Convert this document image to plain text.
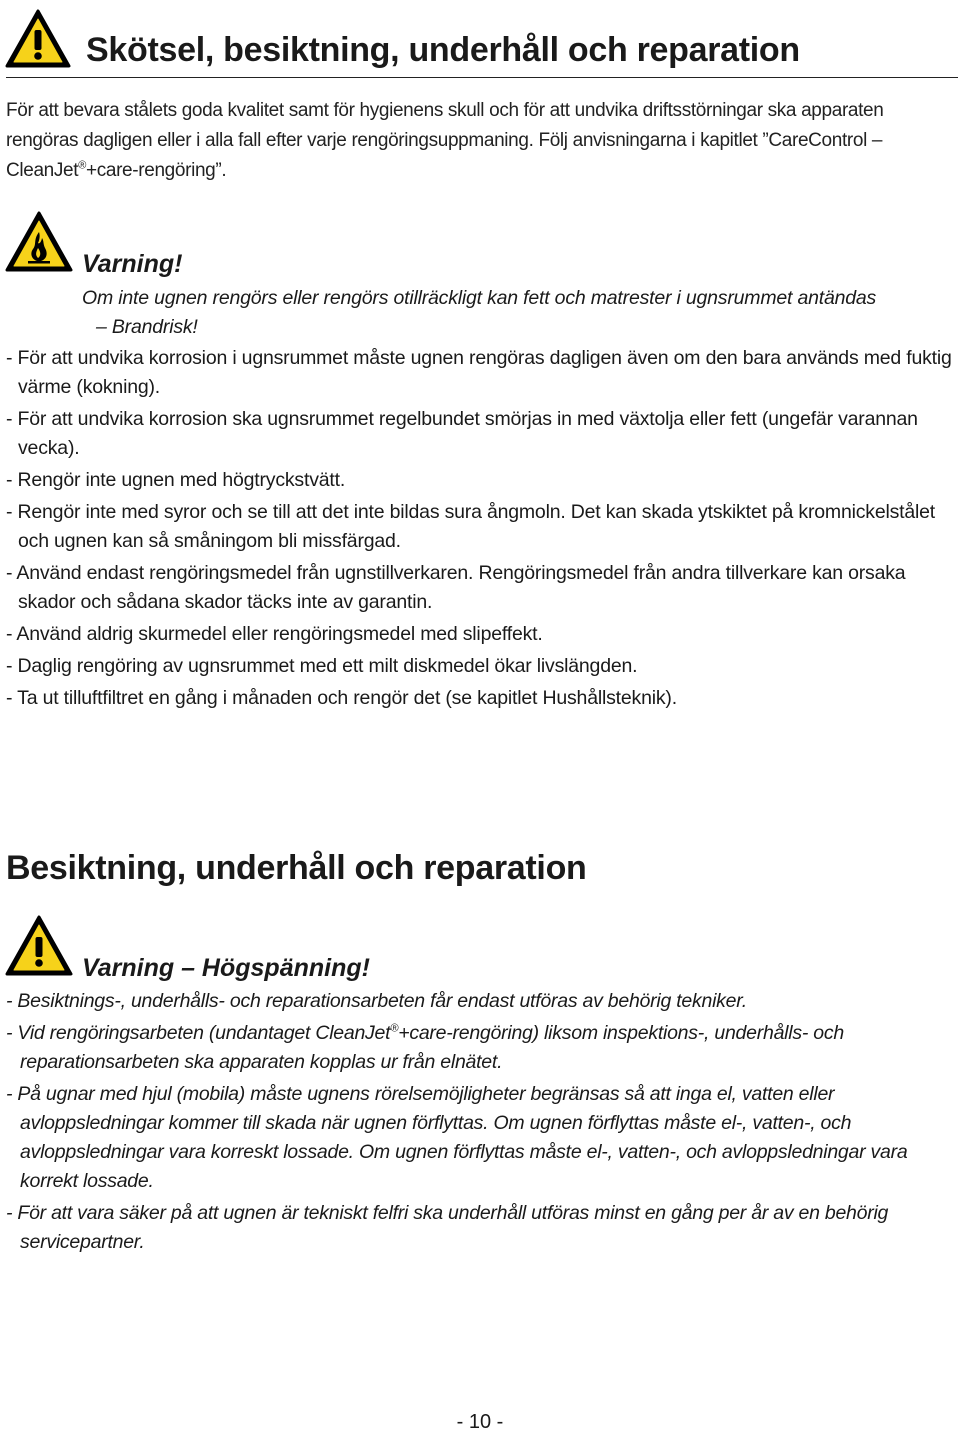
Skötsel, besiktning, underhåll och reparation
För att bevara stålets goda kvalitet samt för hygienens skull och för att undvika driftsstörningar ska apparaten
rengöras dagligen eller i alla fall efter varje rengöringsuppmaning. Följ anvisningarna i kapitlet ”CareControl –
CleanJet®+care-rengöring”.
Varning!
Om inte ugnen rengörs eller rengörs otillräckligt kan fett och matrester i ugnsrummet antändas
– Brandrisk!
- För att undvika korrosion i ugnsrummet måste ugnen rengöras dagligen även om den bara används med fuktig värme (kokning).
- För att undvika korrosion ska ugnsrummet regelbundet smörjas in med växtolja eller fett (ungefär varannan vecka).
- Rengör inte ugnen med högtryckstvätt.
- Rengör inte med syror och se till att det inte bildas sura ångmoln. Det kan skada ytskiktet på kromnickelstålet och ugnen kan så småningom bli missfärgad.
- Använd endast rengöringsmedel från ugnstillverkaren. Rengöringsmedel från andra tillverkare kan orsaka skador och sådana skador täcks inte av garantin.
- Använd aldrig skurmedel eller rengöringsmedel med slipeffekt.
- Daglig rengöring av ugnsrummet med ett milt diskmedel ökar livslängden.
- Ta ut tilluftfiltret en gång i månaden och rengör det (se kapitlet Hushållsteknik).
Besiktning, underhåll och reparation
Varning – Högspänning!
- Besiktnings-, underhålls- och reparationsarbeten får endast utföras av behörig tekniker.
- Vid rengöringsarbeten (undantaget CleanJet®+care-rengöring) liksom inspektions-, underhålls- och reparationsarbeten ska apparaten kopplas ur från elnätet.
- På ugnar med hjul (mobila) måste ugnens rörelsemöjligheter begränsas så att inga el, vatten eller avloppsledningar kommer till skada när ugnen förflyttas. Om ugnen förflyttas måste el-, vatten-, och avloppsledningar vara korreskt lossade. Om ugnen förflyttas måste el-, vatten-, och avloppsledningar vara korrekt lossade.
- För att vara säker på att ugnen är tekniskt felfri ska underhåll utföras minst en gång per år av en behörig servicepartner.
- 10 -
